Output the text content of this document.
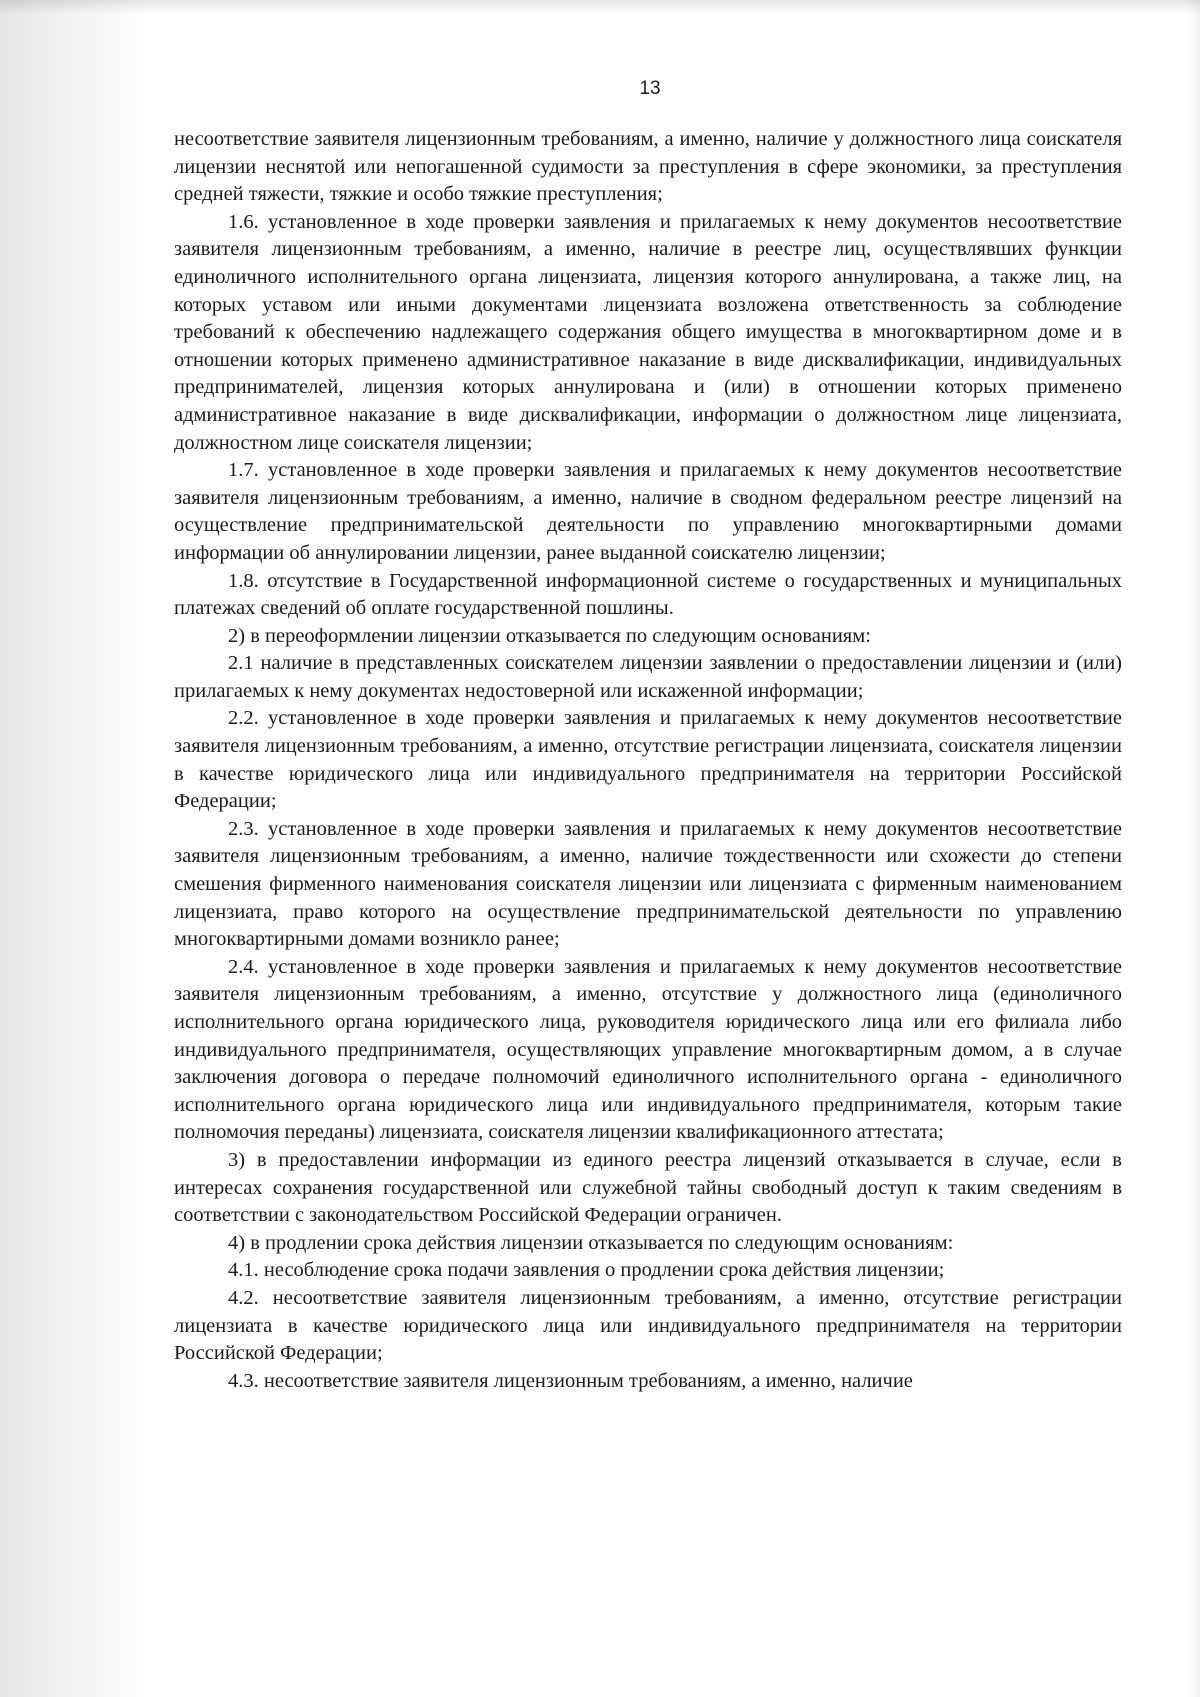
13

несоответствие заявителя лицензионным требованиям, а именно, наличие у должностного лица соискателя лицензии неснятой или непогашенной судимости за преступления в сфере экономики, за преступления средней тяжести, тяжкие и особо тяжкие преступления;

1.6. установленное в ходе проверки заявления и прилагаемых к нему документов несоответствие заявителя лицензионным требованиям, а именно, наличие в реестре лиц, осуществлявших функции единоличного исполнительного органа лицензиата, лицензия которого аннулирована, а также лиц, на которых уставом или иными документами лицензиата возложена ответственность за соблюдение требований к обеспечению надлежащего содержания общего имущества в многоквартирном доме и в отношении которых применено административное наказание в виде дисквалификации, индивидуальных предпринимателей, лицензия которых аннулирована и (или) в отношении которых применено административное наказание в виде дисквалификации, информации о должностном лице лицензиата, должностном лице соискателя лицензии;

1.7. установленное в ходе проверки заявления и прилагаемых к нему документов несоответствие заявителя лицензионным требованиям, а именно, наличие в сводном федеральном реестре лицензий на осуществление предпринимательской деятельности по управлению многоквартирными домами информации об аннулировании лицензии, ранее выданной соискателю лицензии;

1.8. отсутствие в Государственной информационной системе о государственных и муниципальных платежах сведений об оплате государственной пошлины.

2) в переоформлении лицензии отказывается по следующим основаниям:

2.1 наличие в представленных соискателем лицензии заявлении о предоставлении лицензии и (или) прилагаемых к нему документах недостоверной или искаженной информации;

2.2. установленное в ходе проверки заявления и прилагаемых к нему документов несоответствие заявителя лицензионным требованиям, а именно, отсутствие регистрации лицензиата, соискателя лицензии в качестве юридического лица или индивидуального предпринимателя на территории Российской Федерации;

2.3. установленное в ходе проверки заявления и прилагаемых к нему документов несоответствие заявителя лицензионным требованиям, а именно, наличие тождественности или схожести до степени смешения фирменного наименования соискателя лицензии или лицензиата с фирменным наименованием лицензиата, право которого на осуществление предпринимательской деятельности по управлению многоквартирными домами возникло ранее;

2.4. установленное в ходе проверки заявления и прилагаемых к нему документов несоответствие заявителя лицензионным требованиям, а именно, отсутствие у должностного лица (единоличного исполнительного органа юридического лица, руководителя юридического лица или его филиала либо индивидуального предпринимателя, осуществляющих управление многоквартирным домом, а в случае заключения договора о передаче полномочий единоличного исполнительного органа - единоличного исполнительного органа юридического лица или индивидуального предпринимателя, которым такие полномочия переданы) лицензиата, соискателя лицензии квалификационного аттестата;

3) в предоставлении информации из единого реестра лицензий отказывается в случае, если в интересах сохранения государственной или служебной тайны свободный доступ к таким сведениям в соответствии с законодательством Российской Федерации ограничен.

4) в продлении срока действия лицензии отказывается по следующим основаниям:

4.1. несоблюдение срока подачи заявления о продлении срока действия лицензии;

4.2. несоответствие заявителя лицензионным требованиям, а именно, отсутствие регистрации лицензиата в качестве юридического лица или индивидуального предпринимателя на территории Российской Федерации;

4.3. несоответствие заявителя лицензионным требованиям, а именно, наличие
